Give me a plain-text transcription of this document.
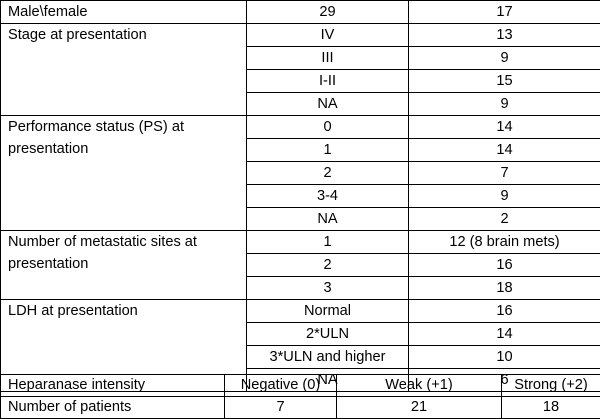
Male\female	29	17
Stage at presentation	IV	13
	III	9
	I-II	15
	NA	9
Performance status (PS) at presentation	0	14
	1	14
	2	7
	3-4	9
	NA	2
Number of metastatic sites at presentation	1	12 (8 brain mets)
	2	16
	3	18
LDH at presentation	Normal	16
	2*ULN	14
	3*ULN and higher	10
	NA	6
Heparanase intensity	Negative (0)	Weak (+1)	Strong (+2)
Number of patients	7	21	18
